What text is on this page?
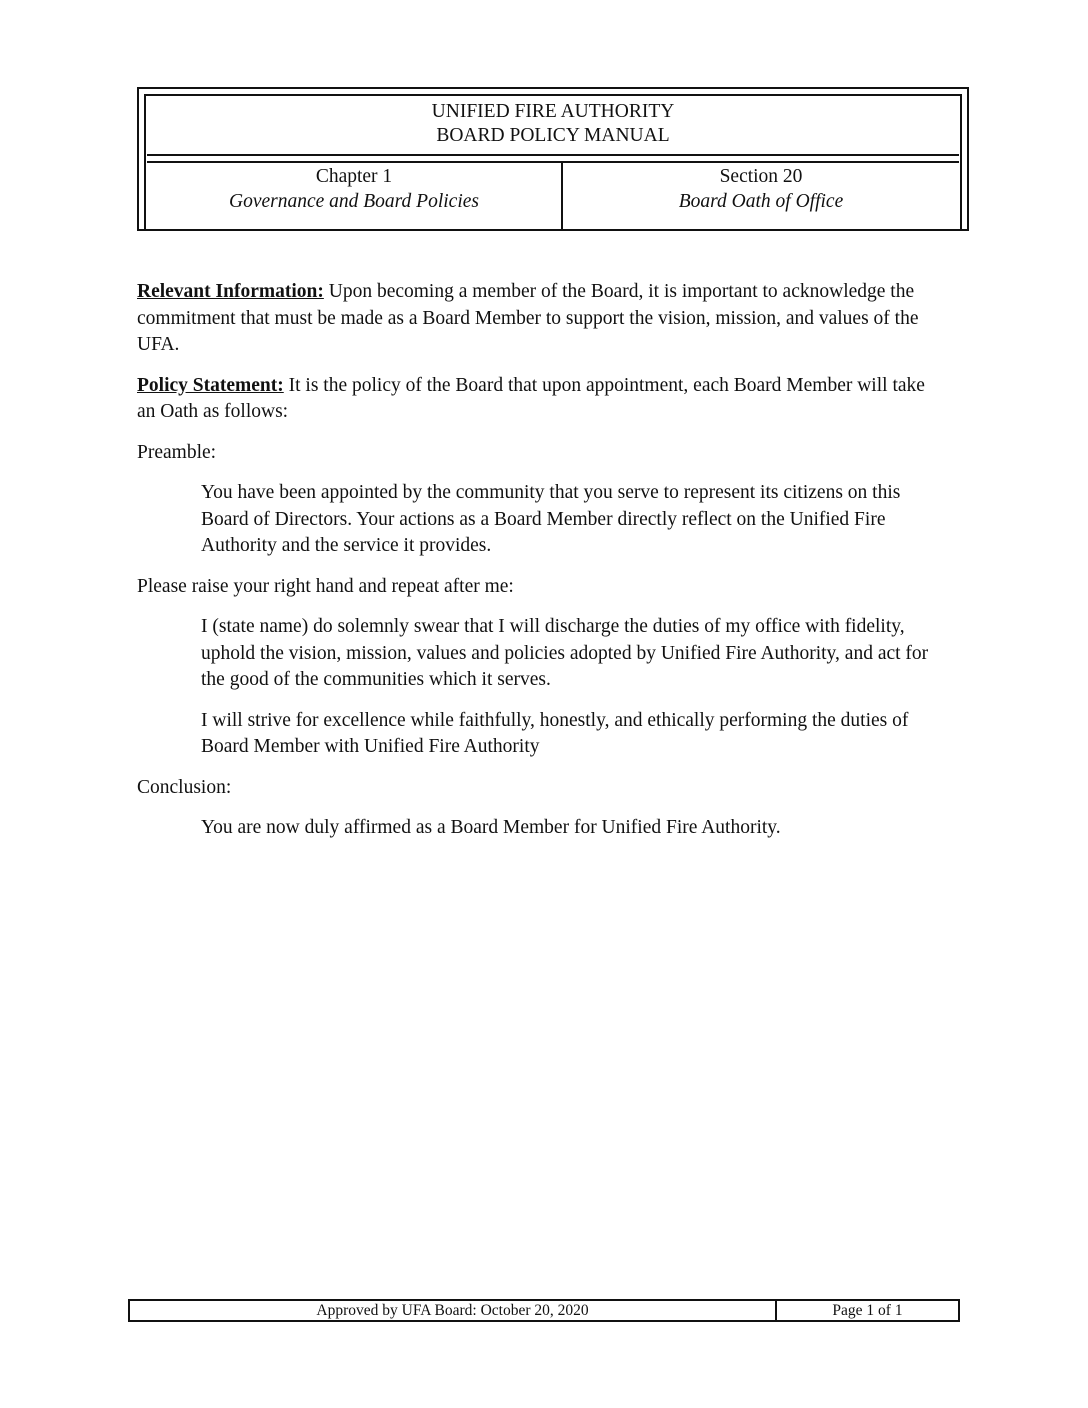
UNIFIED FIRE AUTHORITY
BOARD POLICY MANUAL
Chapter 1
Governance and Board Policies
Section 20
Board Oath of Office

Relevant Information: Upon becoming a member of the Board, it is important to acknowledge the commitment that must be made as a Board Member to support the vision, mission, and values of the UFA.

Policy Statement: It is the policy of the Board that upon appointment, each Board Member will take an Oath as follows:

Preamble:

You have been appointed by the community that you serve to represent its citizens on this Board of Directors. Your actions as a Board Member directly reflect on the Unified Fire Authority and the service it provides.

Please raise your right hand and repeat after me:

I (state name) do solemnly swear that I will discharge the duties of my office with fidelity, uphold the vision, mission, values and policies adopted by Unified Fire Authority, and act for the good of the communities which it serves.

I will strive for excellence while faithfully, honestly, and ethically performing the duties of Board Member with Unified Fire Authority

Conclusion:

You are now duly affirmed as a Board Member for Unified Fire Authority.

Approved by UFA Board: October 20, 2020	Page 1 of 1
